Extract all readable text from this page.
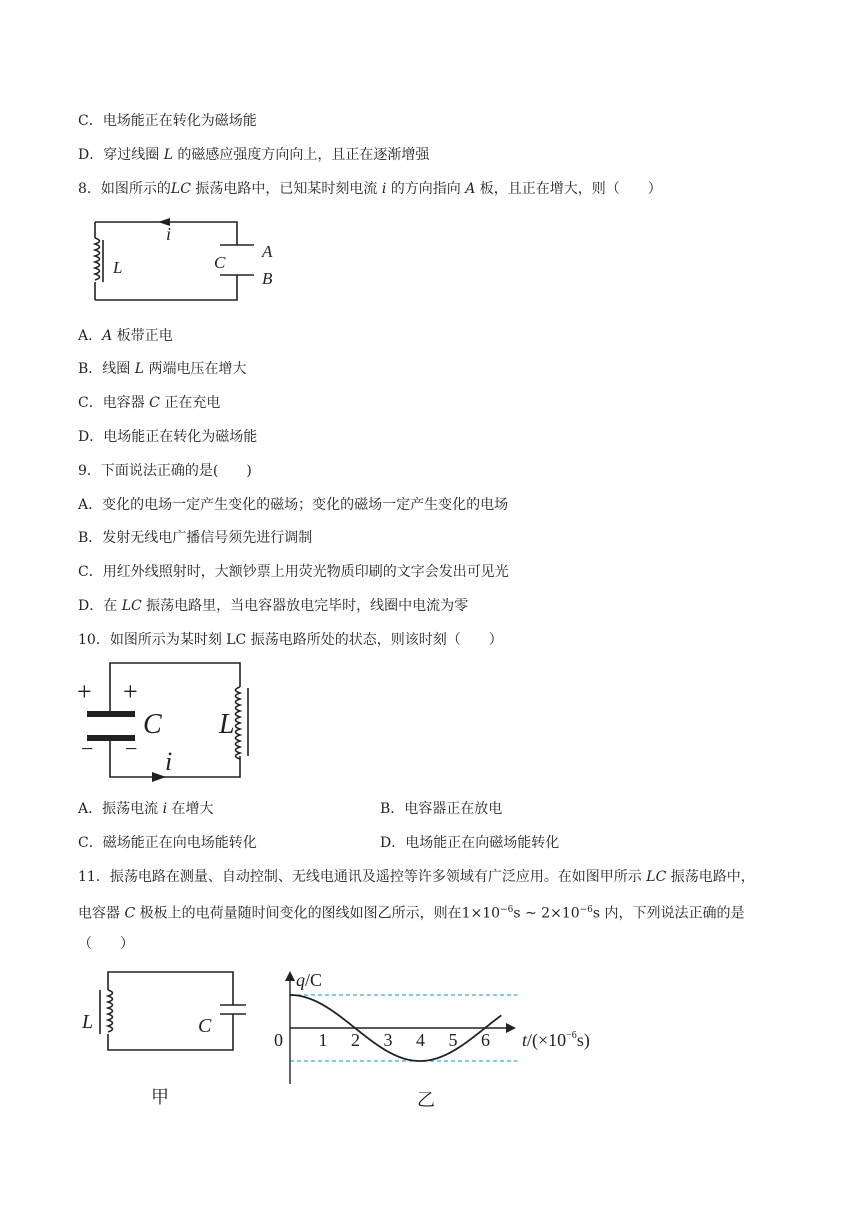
C．电场能正在转化为磁场能
D．穿过线圈 L 的磁感应强度方向向上，且正在逐渐增强
8．如图所示的LC 振荡电路中，已知某时刻电流 i 的方向指向 A 板，且正在增大，则（　　）
i
L	C
A
B
A．A 板带正电
B．线圈 L 两端电压在增大
C．电容器 C 正在充电
D．电场能正在转化为磁场能
9．下面说法正确的是(　　)
A．变化的电场一定产生变化的磁场；变化的磁场一定产生变化的电场
B．发射无线电广播信号须先进行调制
C．用红外线照射时，大额钞票上用荧光物质印刷的文字会发出可见光
D．在 LC 振荡电路里，当电容器放电完毕时，线圈中电流为零
10．如图所示为某时刻 LC 振荡电路所处的状态，则该时刻（　　）
+ +
− −
C L
i
A．振荡电流 i 在增大	B．电容器正在放电
C．磁场能正在向电场能转化	D．电场能正在向磁场能转化
11．振荡电路在测量、自动控制、无线电通讯及遥控等许多领域有广泛应用。在如图甲所示 LC 振荡电路中，
电容器 C 极板上的电荷量随时间变化的图线如图乙所示，则在$1\times 10^{-6}s$ ~ $2\times 10^{-6}s$ 内，下列说法正确的是
（　　）
L	C
甲
q/C
$t/(\times 10^{-6}s)$
0
乙
1 2 3 4 5 6
